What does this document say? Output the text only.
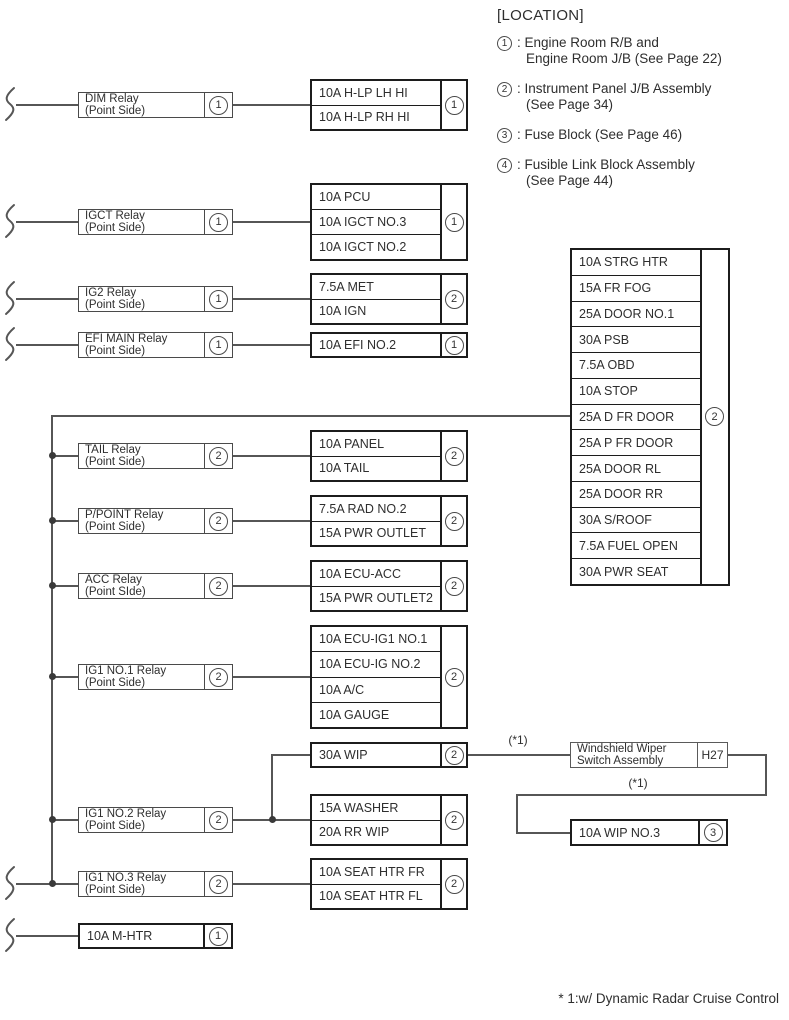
[LOCATION]
1 : Engine Room R/B and
Engine Room J/B (See Page 22)
2 : Instrument Panel J/B Assembly
(See Page 34)
3 : Fuse Block (See Page 46)
4 : Fusible Link Block Assembly
(See Page 44)
(*1)
(*1)
DIM Relay
(Point Side)	1
IGCT Relay
(Point Side)	1
IG2 Relay
(Point Side)	1
EFI MAIN Relay
(Point Side)	1
TAIL Relay
(Point Side)	2
P/POINT Relay
(Point Side)	2
ACC Relay
(Point SIde)	2
IG1 NO.1 Relay
(Point Side)	2
IG1 NO.2 Relay
(Point Side)	2
IG1 NO.3 Relay
(Point Side)	2
10A M-HTR	1
10A H-LP LH HI
10A H-LP RH HI
1
10A PCU
10A IGCT NO.3
10A IGCT NO.2
1
7.5A MET
10A IGN
2
10A EFI NO.2	1
10A PANEL
10A TAIL
2
7.5A RAD NO.2
15A PWR OUTLET
2
10A ECU-ACC
15A PWR OUTLET2
2
10A ECU-IG1 NO.1
10A ECU-IG NO.2
10A A/C
10A GAUGE
2
30A WIP	2
15A WASHER
20A RR WIP
2
10A SEAT HTR FR
10A SEAT HTR FL
2
10A STRG HTR
15A FR FOG
25A DOOR NO.1
30A PSB
7.5A OBD
10A STOP
25A D FR DOOR
25A P FR DOOR
25A DOOR RL
25A DOOR RR
30A S/ROOF
7.5A FUEL OPEN
30A PWR SEAT
2
Windshield Wiper
Switch Assembly	H27
10A WIP NO.3	3
* 1:w/ Dynamic Radar Cruise Control
